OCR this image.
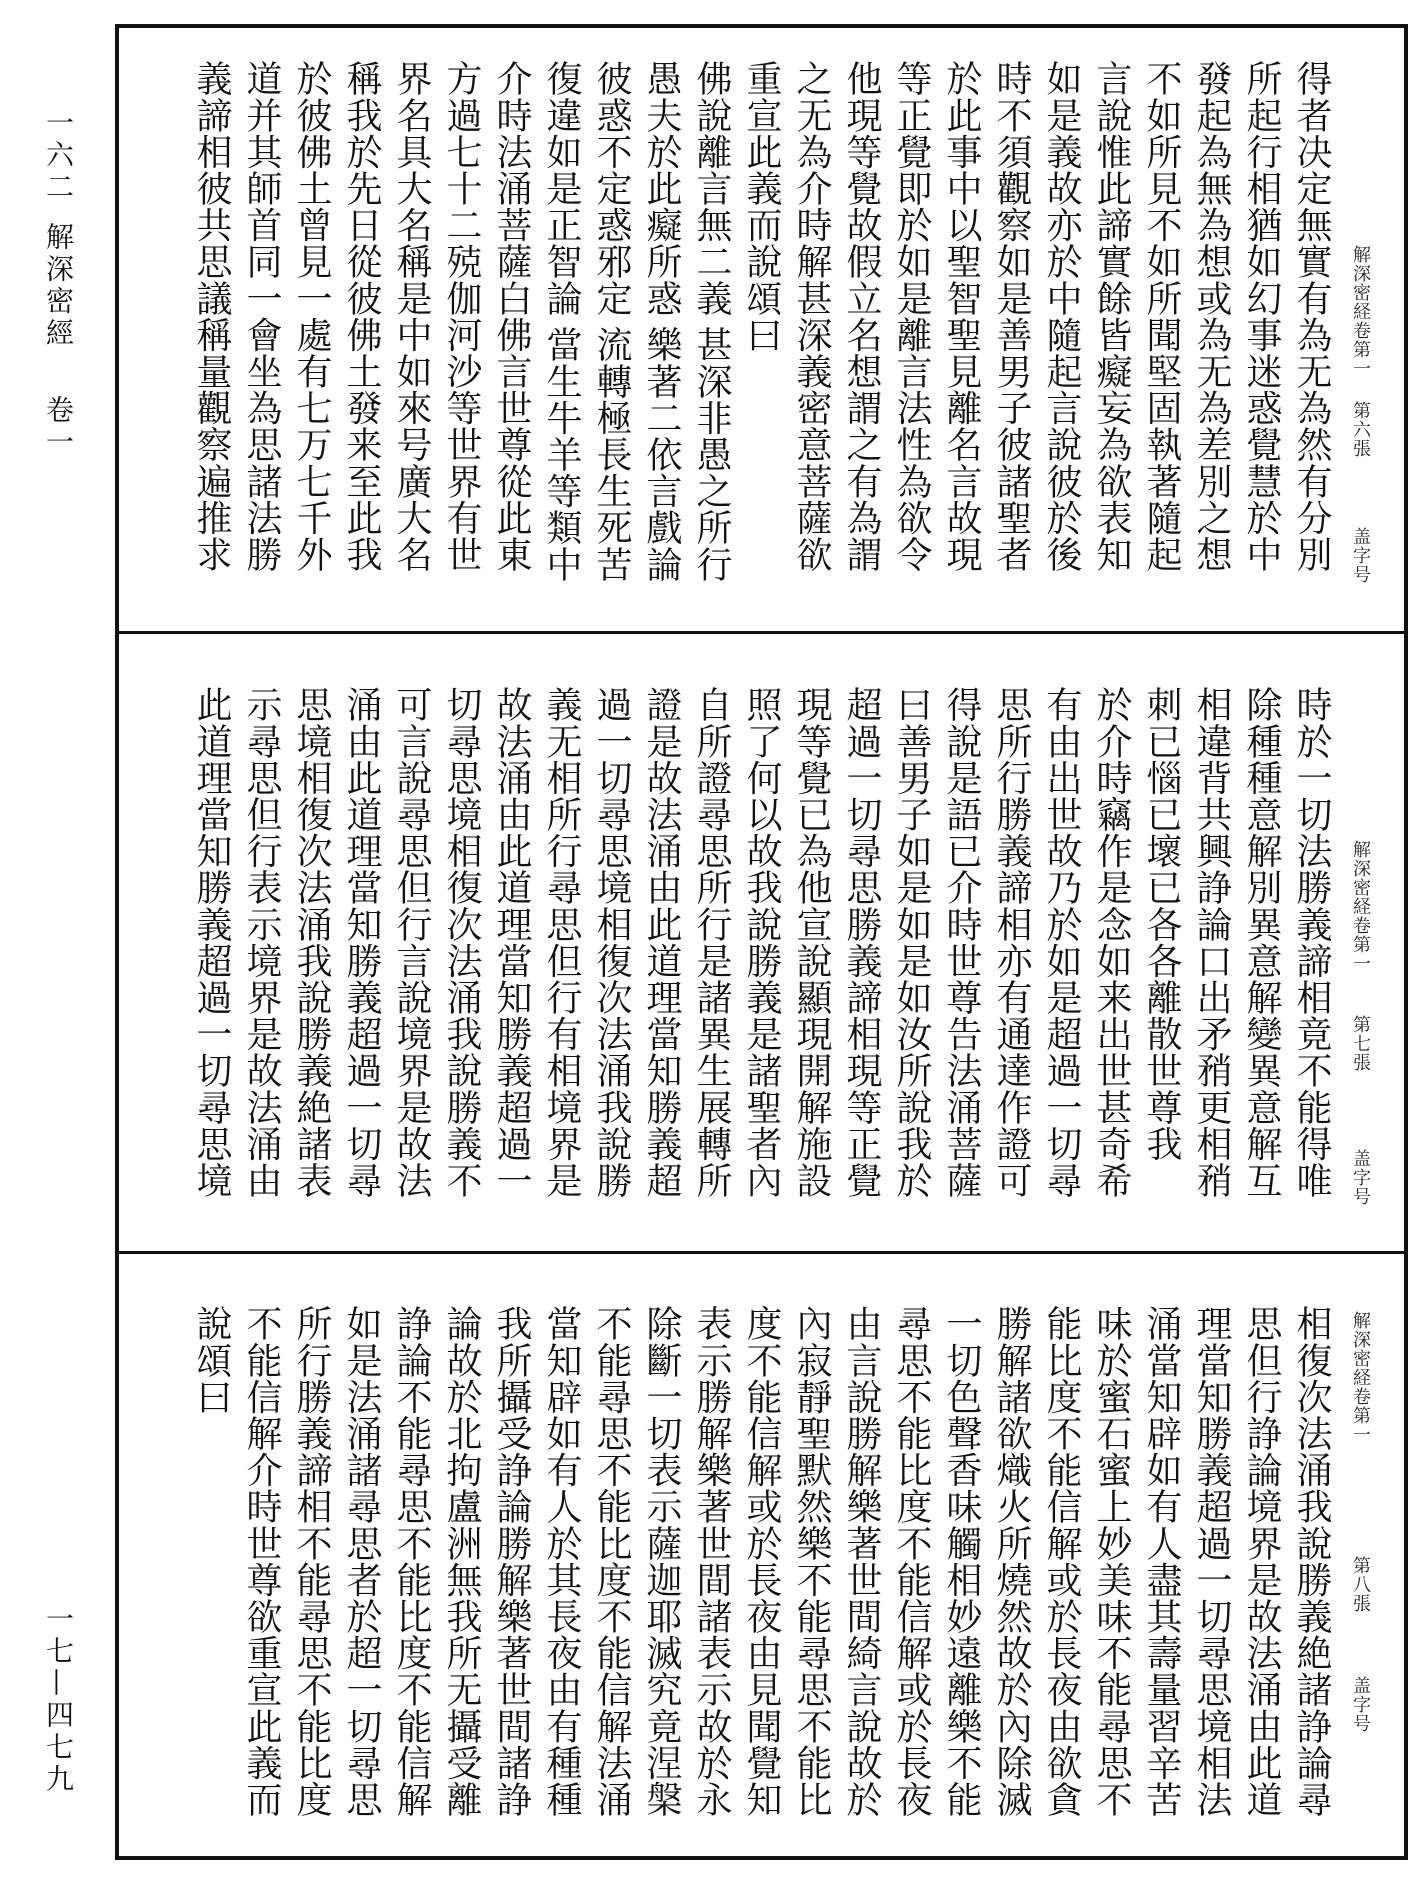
一六二
解深密經
卷一
一七—四七九
解深密経卷第一
第六張
盖字号
得者决定無實有為无為然有分別
所起行相猶如幻事迷惑覺慧於中
發起為無為想或為无為差別之想
不如所見不如所聞堅固執著隨起
言說惟此諦實餘皆癡妄為欲表知
如是義故亦於中隨起言說彼於後
時不須觀察如是善男子彼諸聖者
於此事中以聖智聖見離名言故現
等正覺即於如是離言法性為欲令
他現等覺故假立名想謂之有為謂
之无為介時解甚深義密意菩薩欲
重宣此義而說頌曰
佛說離言無二義
甚深非愚之所行
愚夫於此癡所惑
樂著二依言戲論
彼惑不定惑邪定
流轉極長生死苦
復違如是正智論
當生牛羊等類中
介時法涌菩薩白佛言世尊從此東
方過七十二殑伽河沙等世界有世
界名具大名稱是中如來号廣大名
稱我於先日從彼佛土發来至此我
於彼佛土曾見一處有七万七千外
道并其師首同一會坐為思諸法勝
義諦相彼共思議稱量觀察遍推求
解深密経卷第一
第七張
盖字号
時於一切法勝義諦相竟不能得唯
除種種意解別異意解變異意解互
相違背共興諍論口出矛矟更相矟
刺已惱已壞已各各離散世尊我
於介時竊作是念如来出世甚奇希
有由出世故乃於如是超過一切尋
思所行勝義諦相亦有通達作證可
得說是語已介時世尊告法涌菩薩
曰善男子如是如是如汝所說我於
超過一切尋思勝義諦相現等正覺
現等覺已為他宣說顯現開解施設
照了何以故我說勝義是諸聖者內
自所證尋思所行是諸異生展轉所
證是故法涌由此道理當知勝義超
過一切尋思境相復次法涌我說勝
義无相所行尋思但行有相境界是
故法涌由此道理當知勝義超過一
切尋思境相復次法涌我說勝義不
可言說尋思但行言說境界是故法
涌由此道理當知勝義超過一切尋
思境相復次法涌我說勝義絶諸表
示尋思但行表示境界是故法涌由
此道理當知勝義超過一切尋思境
解深密経卷第一
第八張
盖字号
相復次法涌我說勝義絶諸諍論尋
思但行諍論境界是故法涌由此道
理當知勝義超過一切尋思境相法
涌當知辟如有人盡其壽量習辛苦
味於蜜石蜜上妙美味不能尋思不
能比度不能信解或於長夜由欲貪
勝解諸欲熾火所燒然故於內除滅
一切色聲香味觸相妙遠離樂不能
尋思不能比度不能信解或於長夜
由言說勝解樂著世間綺言說故於
內寂靜聖默然樂不能尋思不能比
度不能信解或於長夜由見聞覺知
表示勝解樂著世間諸表示故於永
除斷一切表示薩迦耶滅究竟涅槃
不能尋思不能比度不能信解法涌
當知辟如有人於其長夜由有種種
我所攝受諍論勝解樂著世間諸諍
論故於北拘盧洲無我所无攝受離
諍論不能尋思不能比度不能信解
如是法涌諸尋思者於超一切尋思
所行勝義諦相不能尋思不能比度
不能信解介時世尊欲重宣此義而
說頌曰
